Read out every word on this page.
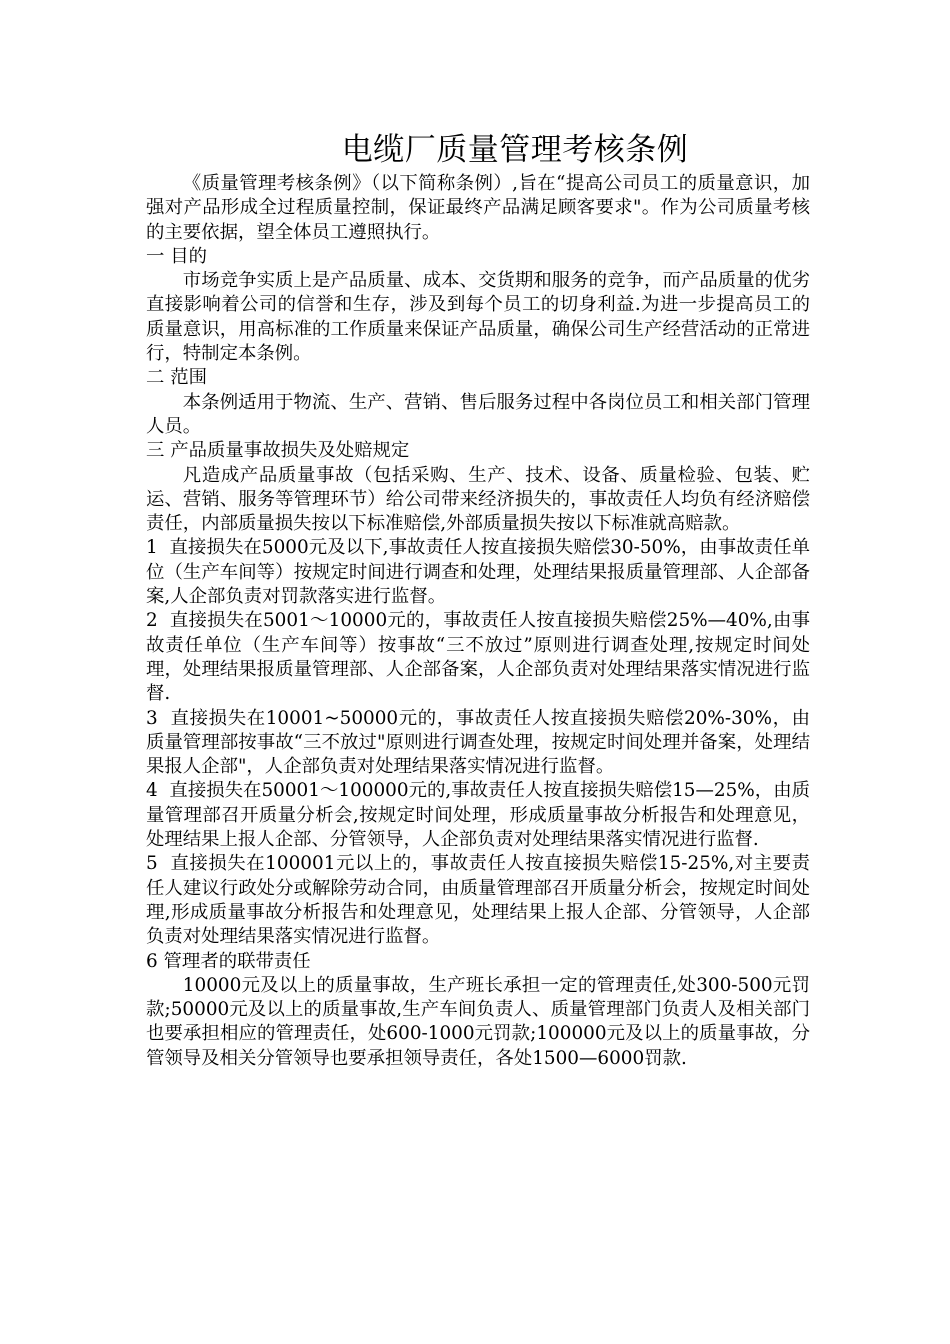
电缆厂质量管理考核条例

《质量管理考核条例》（以下简称条例）,旨在“提高公司员工的质量意识，加强对产品形成全过程质量控制，保证最终产品满足顾客要求"。作为公司质量考核的主要依据，望全体员工遵照执行。

一 目的

市场竞争实质上是产品质量、成本、交货期和服务的竞争，而产品质量的优劣直接影响着公司的信誉和生存，涉及到每个员工的切身利益.为进一步提高员工的质量意识，用高标准的工作质量来保证产品质量，确保公司生产经营活动的正常进行，特制定本条例。

二 范围

本条例适用于物流、生产、营销、售后服务过程中各岗位员工和相关部门管理人员。

三 产品质量事故损失及处赔规定

凡造成产品质量事故（包括采购、生产、技术、设备、质量检验、包装、贮运、营销、服务等管理环节）给公司带来经济损失的，事故责任人均负有经济赔偿责任，内部质量损失按以下标准赔偿,外部质量损失按以下标准就高赔款。

1  直接损失在5000元及以下,事故责任人按直接损失赔偿30-50%，由事故责任单位（生产车间等）按规定时间进行调查和处理，处理结果报质量管理部、人企部备案,人企部负责对罚款落实进行监督。

2  直接损失在5001～10000元的，事故责任人按直接损失赔偿25%—40%,由事故责任单位（生产车间等）按事故“三不放过”原则进行调查处理,按规定时间处理，处理结果报质量管理部、人企部备案，人企部负责对处理结果落实情况进行监督.

3  直接损失在10001~50000元的，事故责任人按直接损失赔偿20%-30%，由质量管理部按事故“三不放过"原则进行调查处理，按规定时间处理并备案，处理结果报人企部"，人企部负责对处理结果落实情况进行监督。

4  直接损失在50001～100000元的,事故责任人按直接损失赔偿15—25%，由质量管理部召开质量分析会,按规定时间处理，形成质量事故分析报告和处理意见，处理结果上报人企部、分管领导，人企部负责对处理结果落实情况进行监督.

5  直接损失在100001元以上的，事故责任人按直接损失赔偿15-25%,对主要责任人建议行政处分或解除劳动合同，由质量管理部召开质量分析会，按规定时间处理,形成质量事故分析报告和处理意见，处理结果上报人企部、分管领导，人企部负责对处理结果落实情况进行监督。

6 管理者的联带责任

10000元及以上的质量事故，生产班长承担一定的管理责任,处300-500元罚款;50000元及以上的质量事故,生产车间负责人、质量管理部门负责人及相关部门也要承担相应的管理责任，处600-1000元罚款;100000元及以上的质量事故，分管领导及相关分管领导也要承担领导责任，各处1500—6000罚款.
